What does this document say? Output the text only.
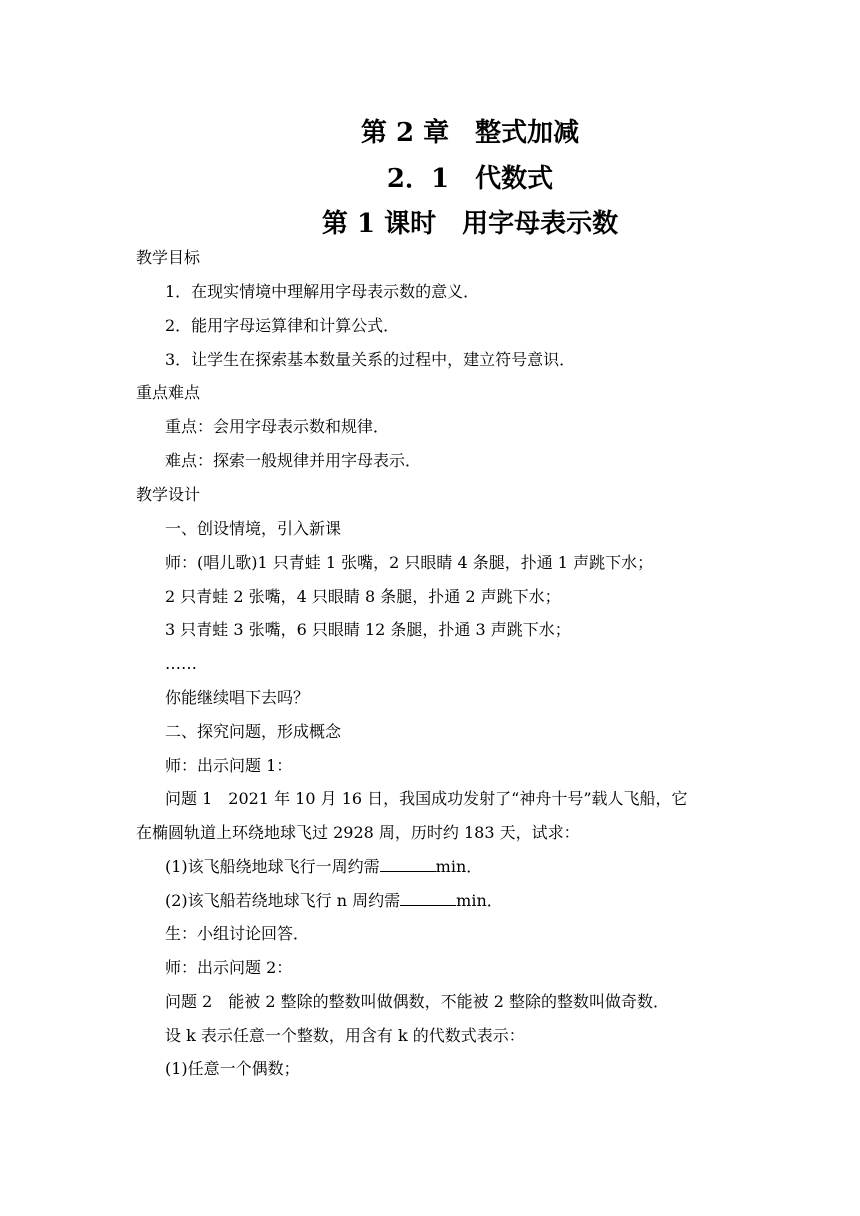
第 2 章　整式加减
2．1　代数式
第 1 课时　用字母表示数
教学目标
1．在现实情境中理解用字母表示数的意义．
2．能用字母运算律和计算公式．
3．让学生在探索基本数量关系的过程中，建立符号意识．
重点难点
重点：会用字母表示数和规律．
难点：探索一般规律并用字母表示．
教学设计
一、创设情境，引入新课
师：(唱儿歌)1 只青蛙 1 张嘴，2 只眼睛 4 条腿，扑通 1 声跳下水；
2 只青蛙 2 张嘴，4 只眼睛 8 条腿，扑通 2 声跳下水；
3 只青蛙 3 张嘴，6 只眼睛 12 条腿，扑通 3 声跳下水；
……
你能继续唱下去吗？
二、探究问题，形成概念
师：出示问题 1：
问题 1　2021 年 10 月 16 日，我国成功发射了“神舟十号”载人飞船，它
在椭圆轨道上环绕地球飞过 2928 周，历时约 183 天，试求：
(1)该飞船绕地球飞行一周约需	min．
(2)该飞船若绕地球飞行 n 周约需	min．
生：小组讨论回答．
师：出示问题 2：
问题 2　能被 2 整除的整数叫做偶数，不能被 2 整除的整数叫做奇数．
设 k 表示任意一个整数，用含有 k 的代数式表示：
(1)任意一个偶数；
